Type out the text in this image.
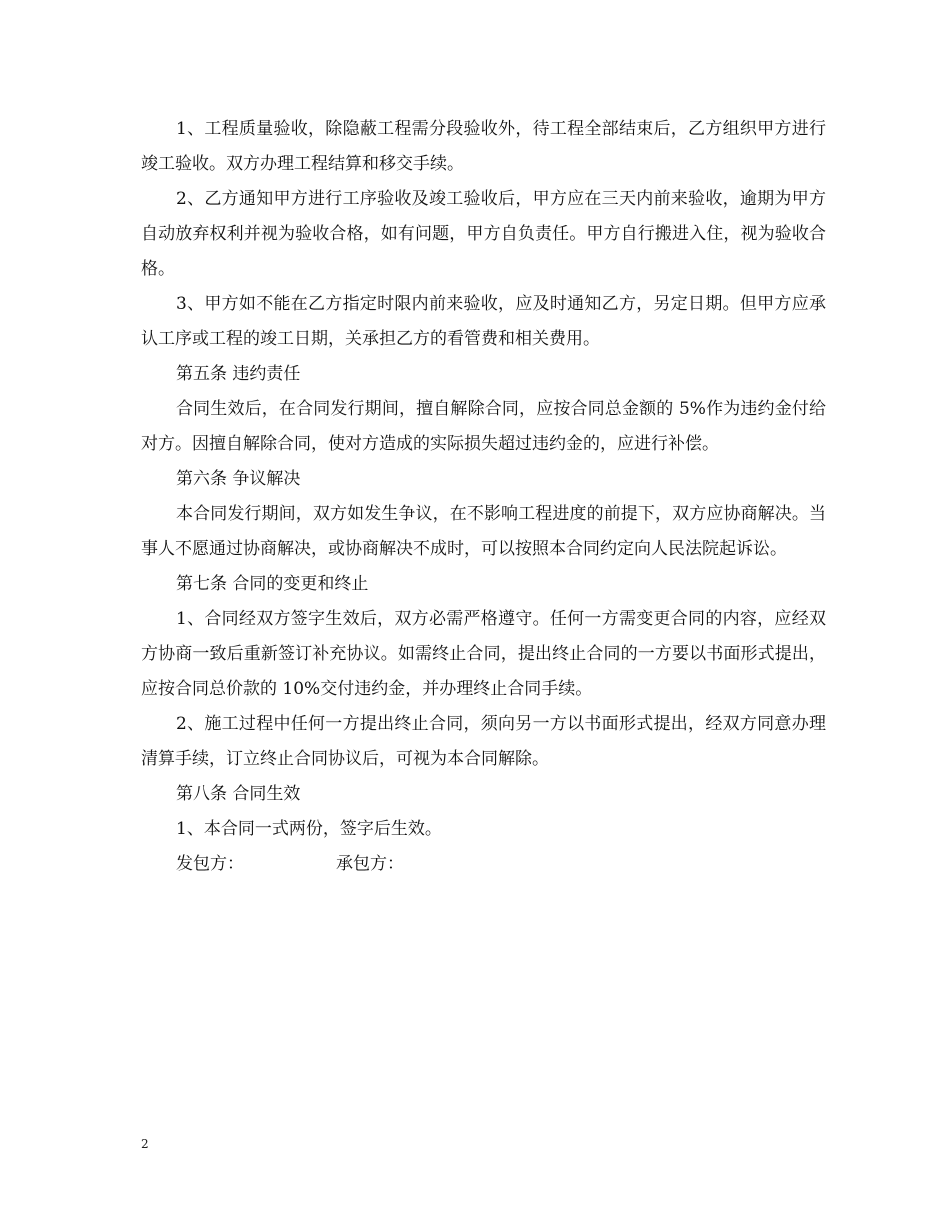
1、工程质量验收，除隐蔽工程需分段验收外，待工程全部结束后，乙方组织甲方进行竣工验收。双方办理工程结算和移交手续。

2、乙方通知甲方进行工序验收及竣工验收后，甲方应在三天内前来验收，逾期为甲方自动放弃权利并视为验收合格，如有问题，甲方自负责任。甲方自行搬进入住，视为验收合格。

3、甲方如不能在乙方指定时限内前来验收，应及时通知乙方，另定日期。但甲方应承认工序或工程的竣工日期，关承担乙方的看管费和相关费用。

第五条 违约责任

合同生效后，在合同发行期间，擅自解除合同，应按合同总金额的 5%作为违约金付给对方。因擅自解除合同，使对方造成的实际损失超过违约金的，应进行补偿。

第六条 争议解决

本合同发行期间，双方如发生争议，在不影响工程进度的前提下，双方应协商解决。当事人不愿通过协商解决，或协商解决不成时，可以按照本合同约定向人民法院起诉讼。

第七条 合同的变更和终止

1、合同经双方签字生效后，双方必需严格遵守。任何一方需变更合同的内容，应经双方协商一致后重新签订补充协议。如需终止合同，提出终止合同的一方要以书面形式提出，应按合同总价款的 10%交付违约金，并办理终止合同手续。

2、施工过程中任何一方提出终止合同，须向另一方以书面形式提出，经双方同意办理清算手续，订立终止合同协议后，可视为本合同解除。

第八条 合同生效

1、本合同一式两份，签字后生效。

发包方：	承包方：

2
